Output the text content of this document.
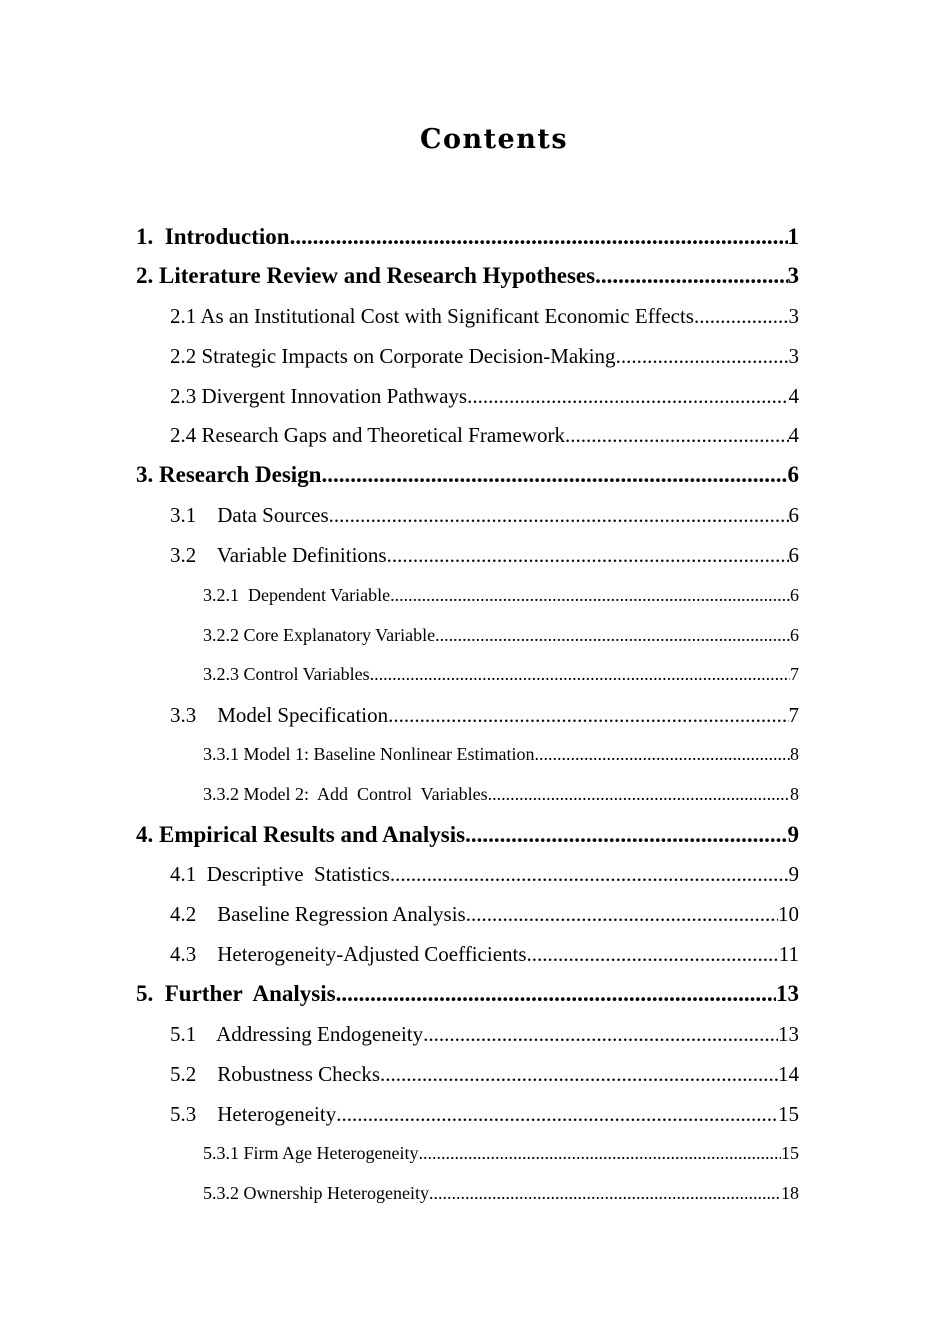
Contents
1.  Introduction .....	1
2. Literature Review and Research Hypotheses .....	3
2.1 As an Institutional Cost with Significant Economic Effects .....	3
2.2 Strategic Impacts on Corporate Decision-Making .....	3
2.3 Divergent Innovation Pathways .....	4
2.4 Research Gaps and Theoretical Framework .....	4
3. Research Design .....	6
3.1    Data Sources .....	6
3.2    Variable Definitions .....	6
3.2.1  Dependent Variable .....	6
3.2.2 Core Explanatory Variable .....	6
3.2.3 Control Variables .....	7
3.3    Model Specification .....	7
3.3.1 Model 1: Baseline Nonlinear Estimation .....	8
3.3.2 Model 2:  Add  Control  Variables .....	8
4. Empirical Results and Analysis .....	9
4.1  Descriptive  Statistics .....	9
4.2    Baseline Regression Analysis .....	10
4.3    Heterogeneity-Adjusted Coefficients .....	11
5.  Further  Analysis .....	13
5.1    Addressing Endogeneity .....	13
5.2    Robustness Checks .....	14
5.3    Heterogeneity .....	15
5.3.1 Firm Age Heterogeneity .....	15
5.3.2 Ownership Heterogeneity .....	18
